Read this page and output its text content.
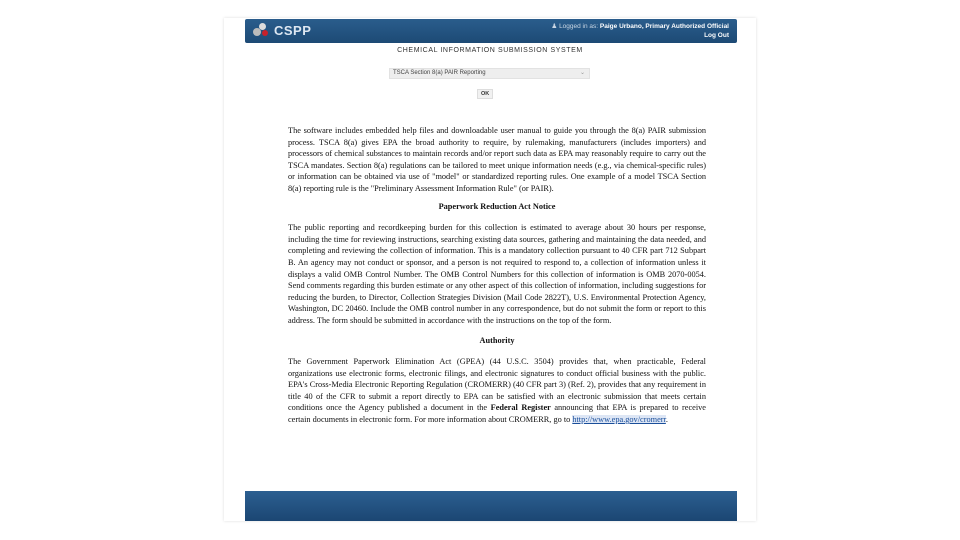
CSPP	♟ Logged in as: Paige Urbano, Primary Authorized Official
Log Out
CHEMICAL INFORMATION SUBMISSION SYSTEM
TSCA Section 8(a) PAIR Reporting	⌄
OK

The software includes embedded help files and downloadable user manual to guide you through the 8(a) PAIR submission process. TSCA 8(a) gives EPA the broad authority to require, by rulemaking, manufacturers (includes importers) and processors of chemical substances to maintain records and/or report such data as EPA may reasonably require to carry out the TSCA mandates. Section 8(a) regulations can be tailored to meet unique information needs (e.g., via chemical-specific rules) or information can be obtained via use of "model" or standardized reporting rules. One example of a model TSCA Section 8(a) reporting rule is the "Preliminary Assessment Information Rule" (or PAIR).

Paperwork Reduction Act Notice

The public reporting and recordkeeping burden for this collection is estimated to average about 30 hours per response, including the time for reviewing instructions, searching existing data sources, gathering and maintaining the data needed, and completing and reviewing the collection of information. This is a mandatory collection pursuant to 40 CFR part 712 Subpart B. An agency may not conduct or sponsor, and a person is not required to respond to, a collection of information unless it displays a valid OMB Control Number. The OMB Control Numbers for this collection of information is OMB 2070-0054. Send comments regarding this burden estimate or any other aspect of this collection of information, including suggestions for reducing the burden, to Director, Collection Strategies Division (Mail Code 2822T), U.S. Environmental Protection Agency, Washington, DC 20460. Include the OMB control number in any correspondence, but do not submit the form or report to this address. The form should be submitted in accordance with the instructions on the top of the form.

Authority

The Government Paperwork Elimination Act (GPEA) (44 U.S.C. 3504) provides that, when practicable, Federal organizations use electronic forms, electronic filings, and electronic signatures to conduct official business with the public. EPA's Cross-Media Electronic Reporting Regulation (CROMERR) (40 CFR part 3) (Ref. 2), provides that any requirement in title 40 of the CFR to submit a report directly to EPA can be satisfied with an electronic submission that meets certain conditions once the Agency published a document in the Federal Register announcing that EPA is prepared to receive certain documents in electronic form. For more information about CROMERR, go to http://www.epa.gov/cromerr.
